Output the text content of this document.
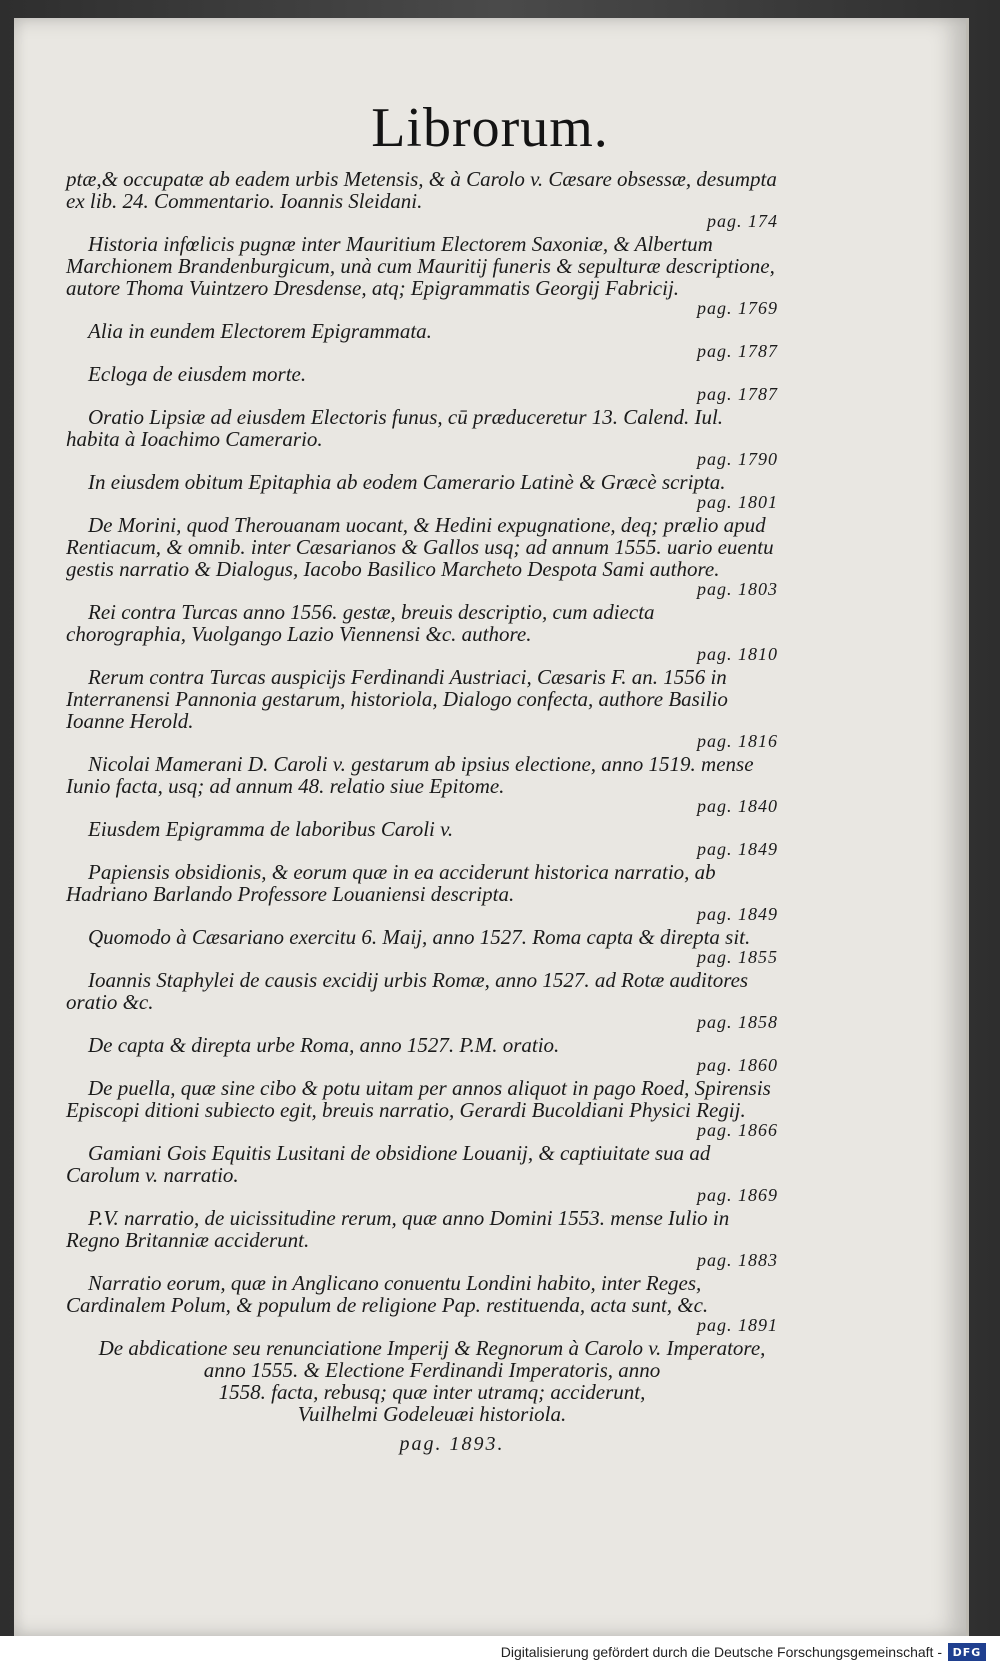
Librorum.
ptæ,& occupatæ ab eadem urbis Metensis, & à Carolo v. Cæsare obsessæ, desumpta ex lib. 24. Commentario. Ioannis Sleidani.
pag. 174
Historia infœlicis pugnæ inter Mauritium Electorem Saxoniæ, & Albertum Marchionem Brandenburgicum, unà cum Mauritij funeris & sepulturæ descriptione, autore Thoma Vuintzero Dresdense, atq; Epigrammatis Georgij Fabricij.
pag. 1769
Alia in eundem Electorem Epigrammata.
pag. 1787
Ecloga de eiusdem morte.
pag. 1787
Oratio Lipsiæ ad eiusdem Electoris funus, cū præduceretur 13. Calend. Iul. habita à Ioachimo Camerario.
pag. 1790
In eiusdem obitum Epitaphia ab eodem Camerario Latinè & Græcè scripta.
pag. 1801
De Morini, quod Therouanam uocant, & Hedini expugnatione, deq; prælio apud Rentiacum, & omnib. inter Cæsarianos & Gallos usq; ad annum 1555. uario euentu gestis narratio & Dialogus, Iacobo Basilico Marcheto Despota Sami authore.
pag. 1803
Rei contra Turcas anno 1556. gestæ, breuis descriptio, cum adiecta chorographia, Vuolgango Lazio Viennensi &c. authore.
pag. 1810
Rerum contra Turcas auspicijs Ferdinandi Austriaci, Cæsaris F. an. 1556 in Interranensi Pannonia gestarum, historiola, Dialogo confecta, authore Basilio Ioanne Herold.
pag. 1816
Nicolai Mamerani D. Caroli v. gestarum ab ipsius electione, anno 1519. mense Iunio facta, usq; ad annum 48. relatio siue Epitome.
pag. 1840
Eiusdem Epigramma de laboribus Caroli v.
pag. 1849
Papiensis obsidionis, & eorum quæ in ea acciderunt historica narratio, ab Hadriano Barlando Professore Louaniensi descripta.
pag. 1849
Quomodo à Cæsariano exercitu 6. Maij, anno 1527. Roma capta & direpta sit.
pag. 1855
Ioannis Staphylei de causis excidij urbis Romæ, anno 1527. ad Rotæ auditores oratio &c.
pag. 1858
De capta & direpta urbe Roma, anno 1527. P.M. oratio.
pag. 1860
De puella, quæ sine cibo & potu uitam per annos aliquot in pago Roed, Spirensis Episcopi ditioni subiecto egit, breuis narratio, Gerardi Bucoldiani Physici Regij.
pag. 1866
Gamiani Gois Equitis Lusitani de obsidione Louanij, & captiuitate sua ad Carolum v. narratio.
pag. 1869
P.V. narratio, de uicissitudine rerum, quæ anno Domini 1553. mense Iulio in Regno Britanniæ acciderunt.
pag. 1883
Narratio eorum, quæ in Anglicano conuentu Londini habito, inter Reges, Cardinalem Polum, & populum de religione Pap. restituenda, acta sunt, &c.
pag. 1891
De abdicatione seu renunciatione Imperij & Regnorum à Carolo v. Imperatore, anno 1555. & Electione Ferdinandi Imperatoris, anno
1558. facta, rebusq; quæ inter utramq; acciderunt,
Vuilhelmi Godeleuæi historiola.
pag. 1893.
Digitalisierung gefördert durch die Deutsche Forschungsgemeinschaft - DFG
